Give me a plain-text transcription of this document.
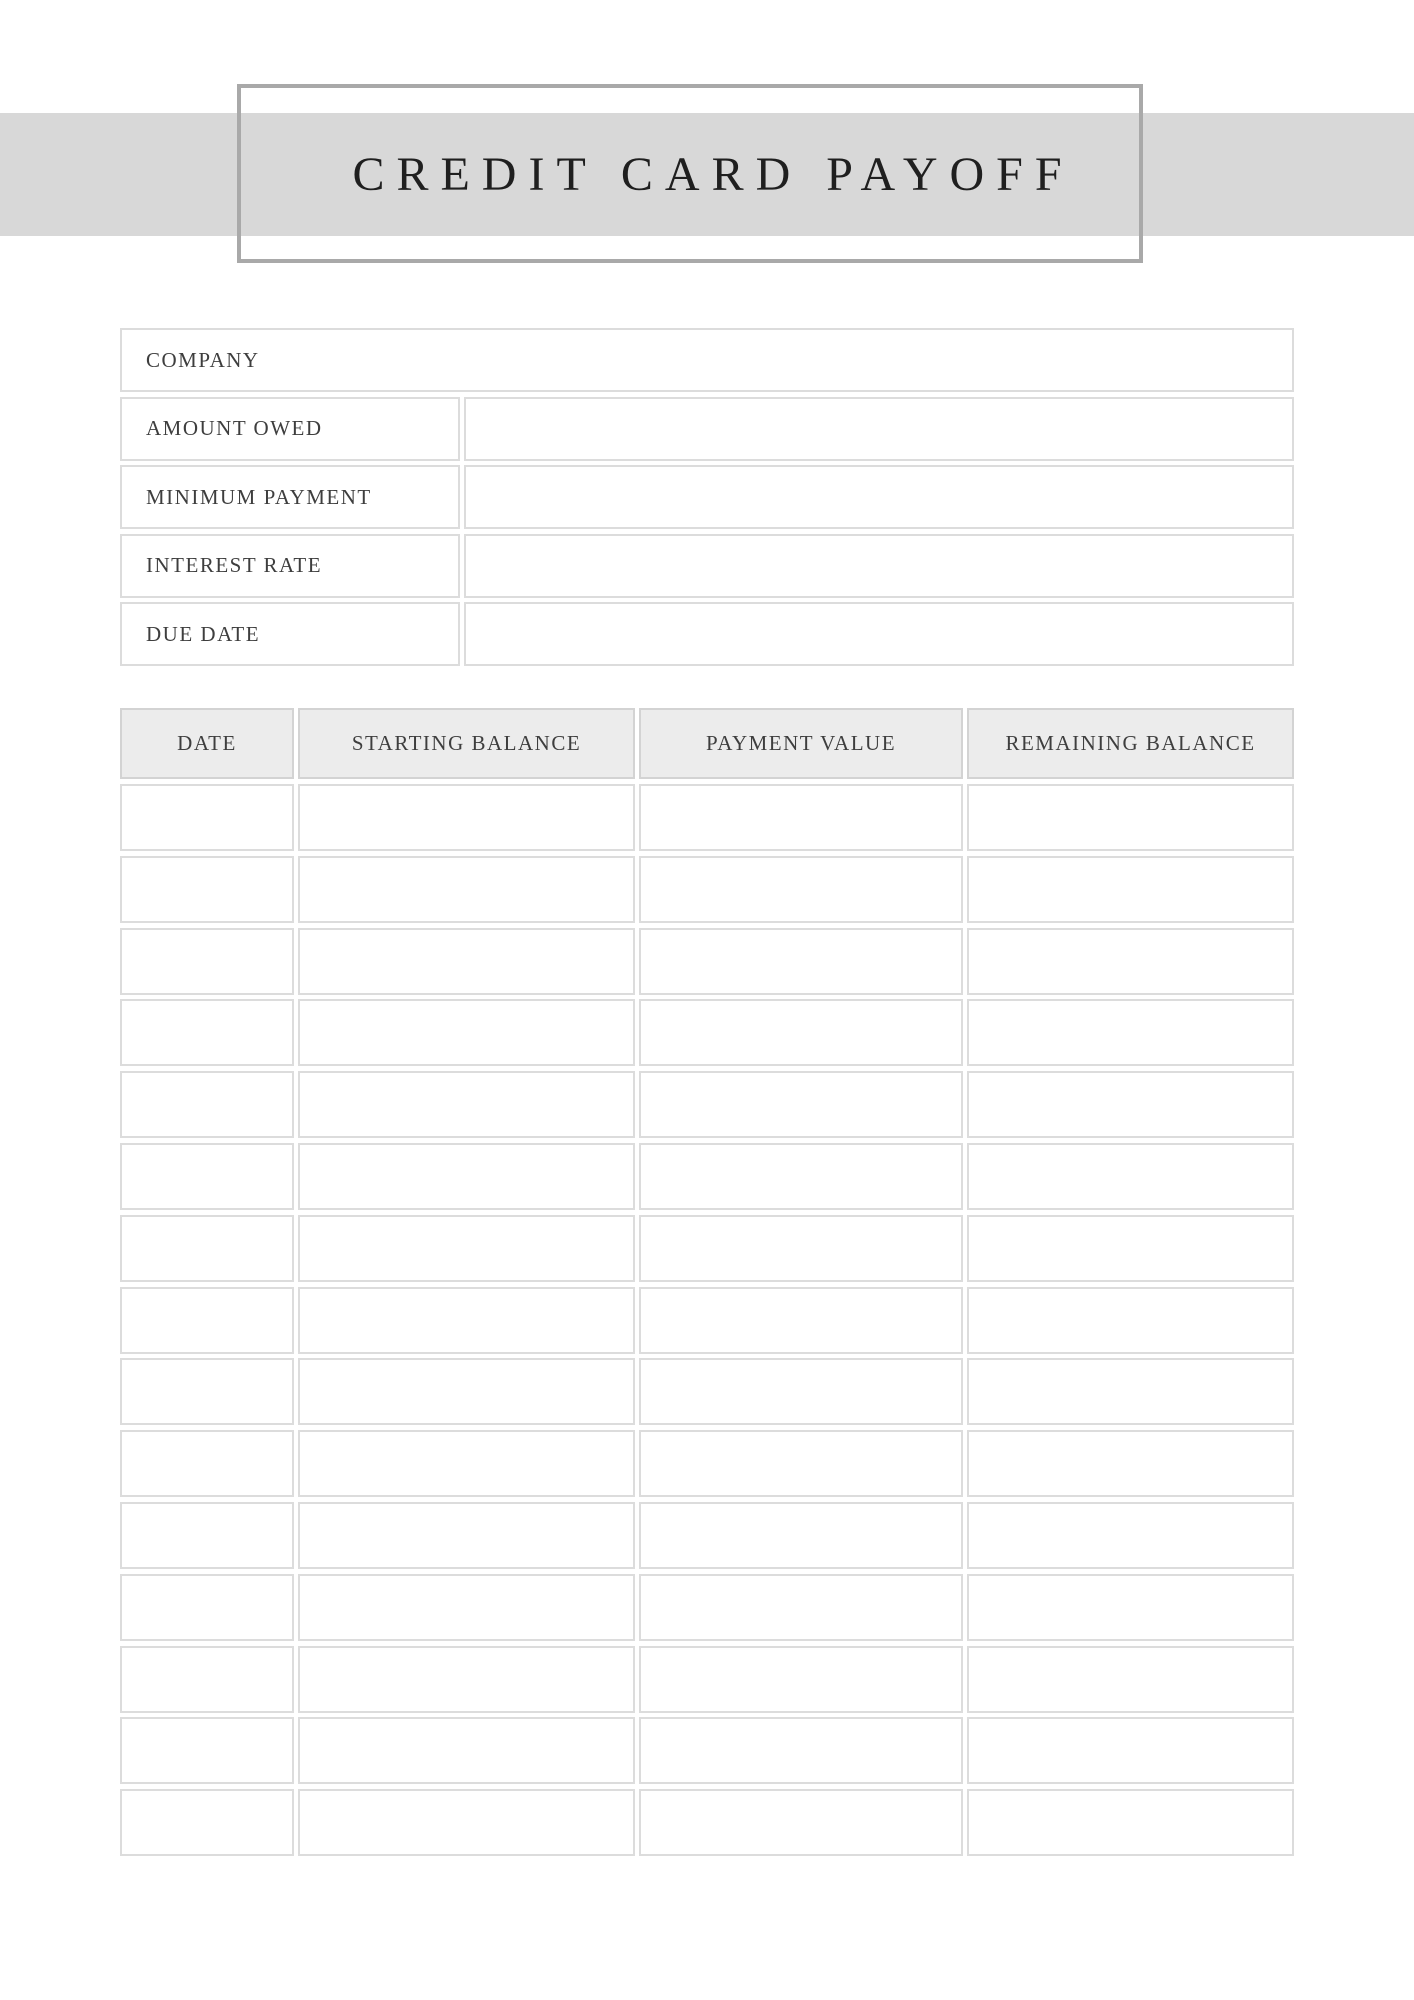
CREDIT CARD PAYOFF
COMPANY
AMOUNT OWED
MINIMUM PAYMENT
INTEREST RATE
DUE DATE
DATE	STARTING BALANCE	PAYMENT VALUE	REMAINING BALANCE
